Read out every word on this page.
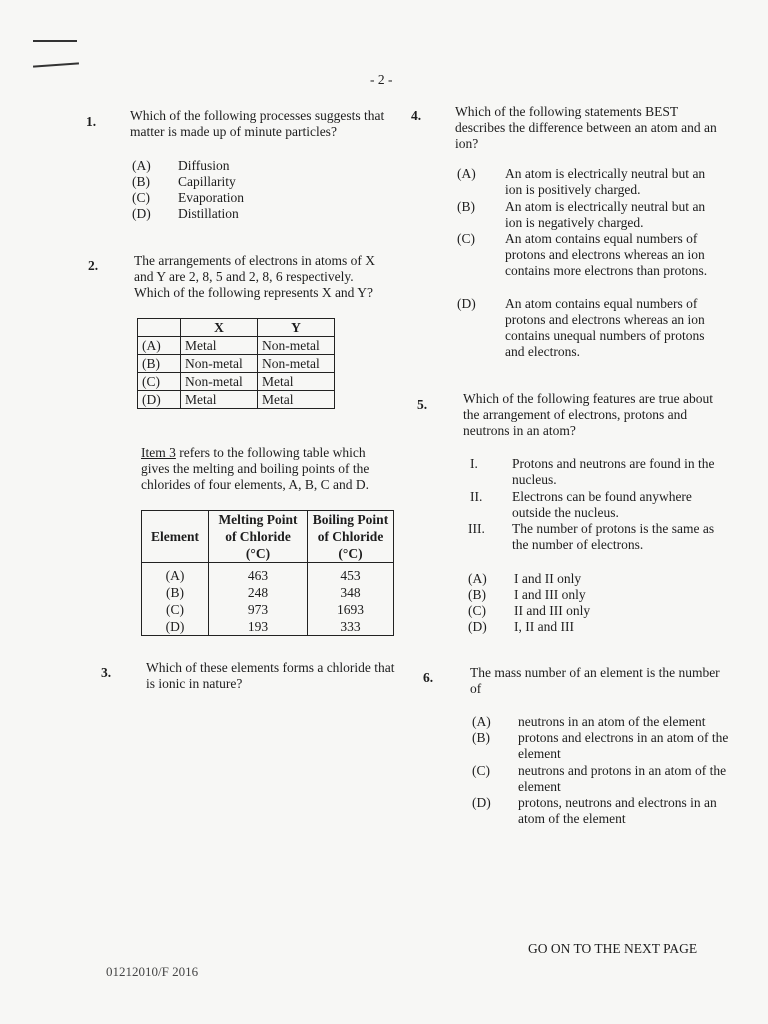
- 2 -
1.	Which of the following processes suggests that matter is made up of minute particles?
(A) Diffusion
(B) Capillarity
(C) Evaporation
(D) Distillation
2.	The arrangements of electrons in atoms of X and Y are 2, 8, 5 and 2, 8, 6 respectively. Which of the following represents X and Y?
	X	Y
(A)	Metal	Non-metal
(B)	Non-metal	Non-metal
(C)	Non-metal	Metal
(D)	Metal	Metal
Item 3 refers to the following table which gives the melting and boiling points of the chlorides of four elements, A, B, C and D.
Element	Melting Point of Chloride (°C)	Boiling Point of Chloride (°C)
(A)	463	453
(B)	248	348
(C)	973	1693
(D)	193	333
3.	Which of these elements forms a chloride that is ionic in nature?
4.	Which of the following statements BEST describes the difference between an atom and an ion?
(A) An atom is electrically neutral but an ion is positively charged.
(B) An atom is electrically neutral but an ion is negatively charged.
(C) An atom contains equal numbers of protons and electrons whereas an ion contains more electrons than protons.
(D) An atom contains equal numbers of protons and electrons whereas an ion contains unequal numbers of protons and electrons.
5.	Which of the following features are true about the arrangement of electrons, protons and neutrons in an atom?
I.	Protons and neutrons are found in the nucleus.
II. Electrons can be found anywhere outside the nucleus.
III. The number of protons is the same as the number of electrons.
(A) I and II only
(B) I and III only
(C) II and III only
(D) I, II and III
6.	The mass number of an element is the number of
(A) neutrons in an atom of the element
(B) protons and electrons in an atom of the element
(C) neutrons and protons in an atom of the element
(D) protons, neutrons and electrons in an atom of the element
01212010/F 2016
GO ON TO THE NEXT PAGE
